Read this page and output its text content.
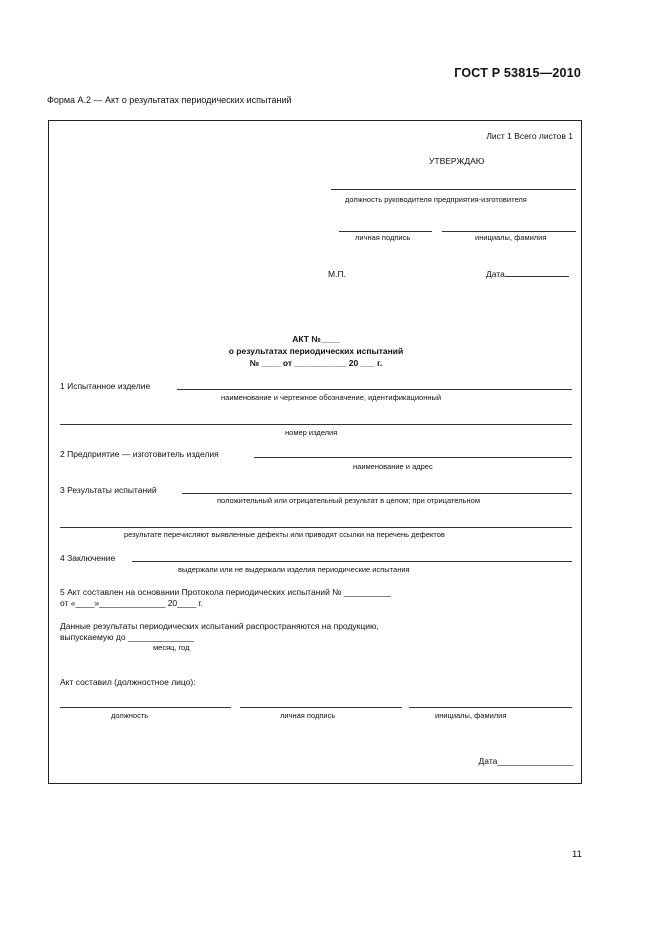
ГОСТ Р 53815—2010
Форма А.2 — Акт о результатах периодических испытаний
Лист 1 Всего листов 1
УТВЕРЖДАЮ
должность руководителя предприятия-изготовителя
личная подпись	инициалы, фамилия
М.П.	Дата
АКТ №____
о результатах периодических испытаний
№ ____ от ___________ 20 ___ г.
1 Испытанное изделие
наименование и чертежное обозначение, идентификационный
номер изделия
2 Предприятие — изготовитель изделия
наименование и адрес
3 Результаты испытаний
положительный или отрицательный результат в целом; при отрицательном
результате перечисляют выявленные дефекты или приводят ссылки на перечень дефектов
4 Заключение
выдержали или не выдержали изделия периодические испытания
5 Акт составлен на основании Протокола периодических испытаний № __________
от «____»______________ 20____ г.
Данные результаты периодических испытаний распространяются на продукцию,
выпускаемую до ______________
месяц, год
Акт составил (должностное лицо):
должность	личная подпись	инициалы, фамилия
Дата________________
11
